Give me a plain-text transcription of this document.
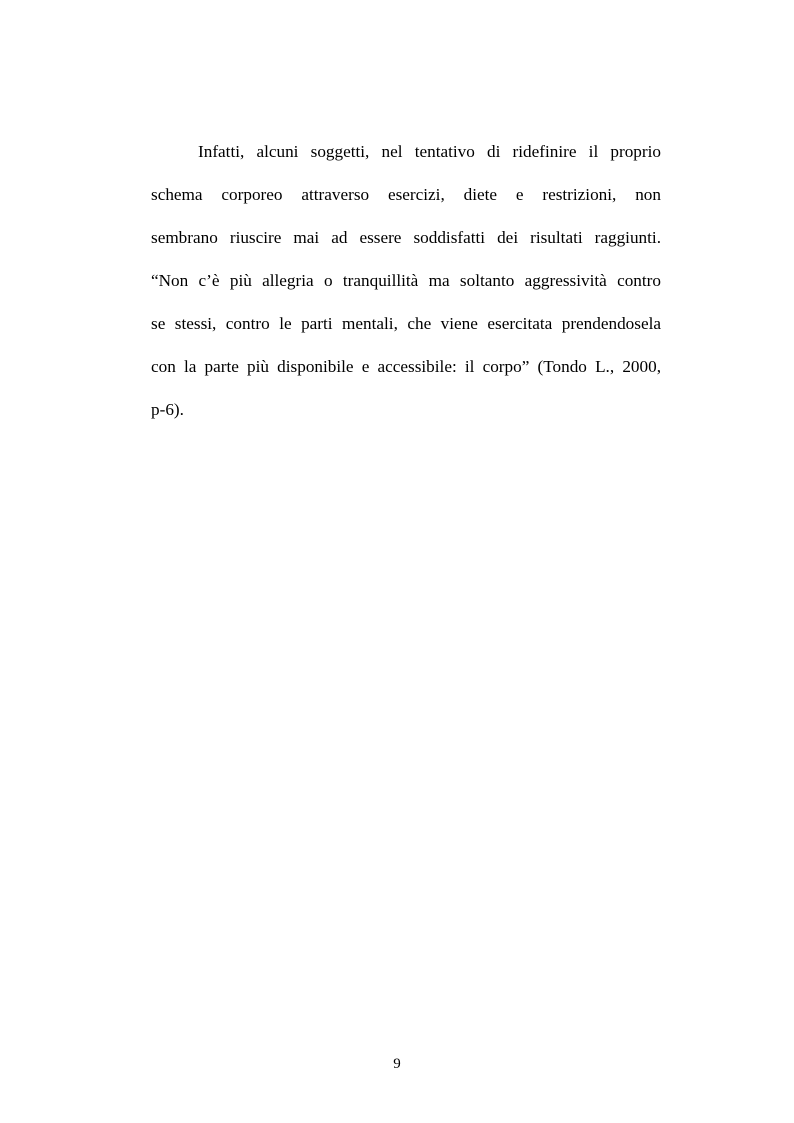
Infatti, alcuni soggetti, nel tentativo di ridefinire il proprio
schema corporeo attraverso esercizi, diete e restrizioni, non
sembrano riuscire mai ad essere soddisfatti dei risultati raggiunti.
“Non c’è più allegria o tranquillità ma soltanto aggressività contro
se stessi, contro le parti mentali, che viene esercitata prendendosela
con la parte più disponibile e accessibile: il corpo” (Tondo L., 2000,
p-6).
9
